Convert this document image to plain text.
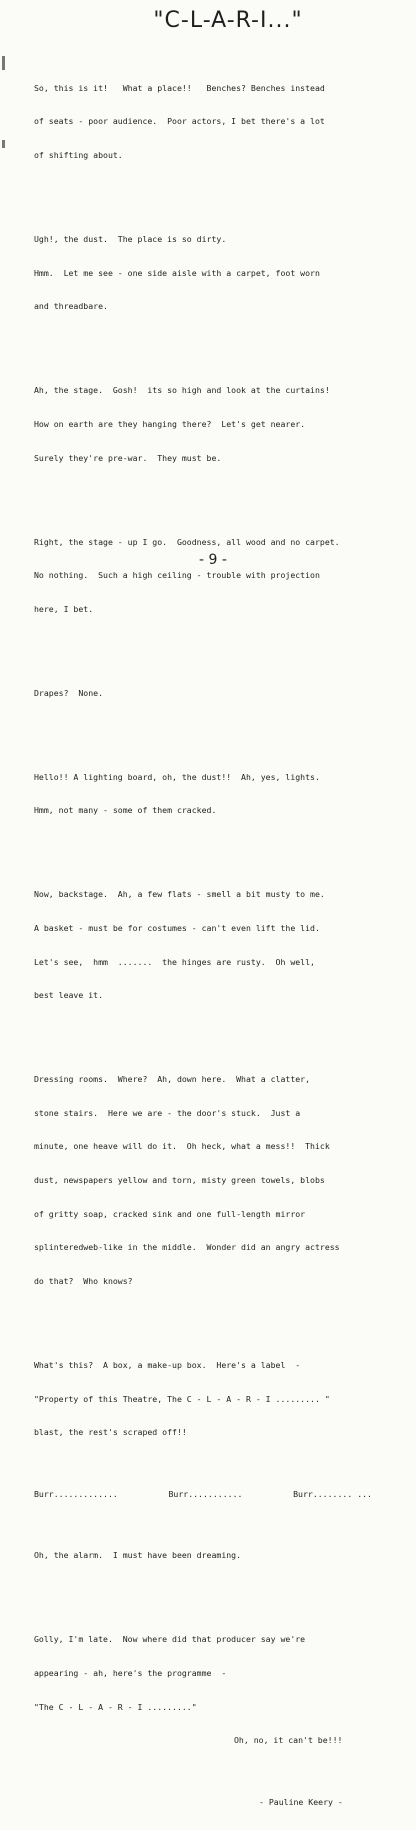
"C-L-A-R-I..."

So, this is it!   What a place!!   Benches? Benches instead

of seats - poor audience.  Poor actors, I bet there's a lot

of shifting about.

Ugh!, the dust.  The place is so dirty.

Hmm.  Let me see - one side aisle with a carpet, foot worn

and threadbare.

Ah, the stage.  Gosh!  its so high and look at the curtains!

How on earth are they hanging there?  Let's get nearer.

Surely they're pre-war.  They must be.

Right, the stage - up I go.  Goodness, all wood and no carpet.

No nothing.  Such a high ceiling - trouble with projection

here, I bet.

Drapes?  None.

Hello!! A lighting board, oh, the dust!!  Ah, yes, lights.

Hmm, not many - some of them cracked.

Now, backstage.  Ah, a few flats - smell a bit musty to me.

A basket - must be for costumes - can't even lift the lid.

Let's see,  hmm  .......  the hinges are rusty.  Oh well,

best leave it.

Dressing rooms.  Where?  Ah, down here.  What a clatter,

stone stairs.  Here we are - the door's stuck.  Just a

minute, one heave will do it.  Oh heck, what a mess!!  Thick

dust, newspapers yellow and torn, misty green towels, blobs

of gritty soap, cracked sink and one full-length mirror

splinteredweb-like in the middle.  Wonder did an angry actress

do that?  Who knows?

What's this?  A box, a make-up box.  Here's a label  -

"Property of this Theatre, The C - L - A - R - I ......... "

blast, the rest's scraped off!!

Burr.............	Burr...........	Burr........ ...

Oh, the alarm.  I must have been dreaming.

Golly, I'm late.  Now where did that producer say we're

appearing - ah, here's the programme  -

"The C - L - A - R - I ........."

Oh, no, it can't be!!!

- Pauline Keery -

- 9 -
